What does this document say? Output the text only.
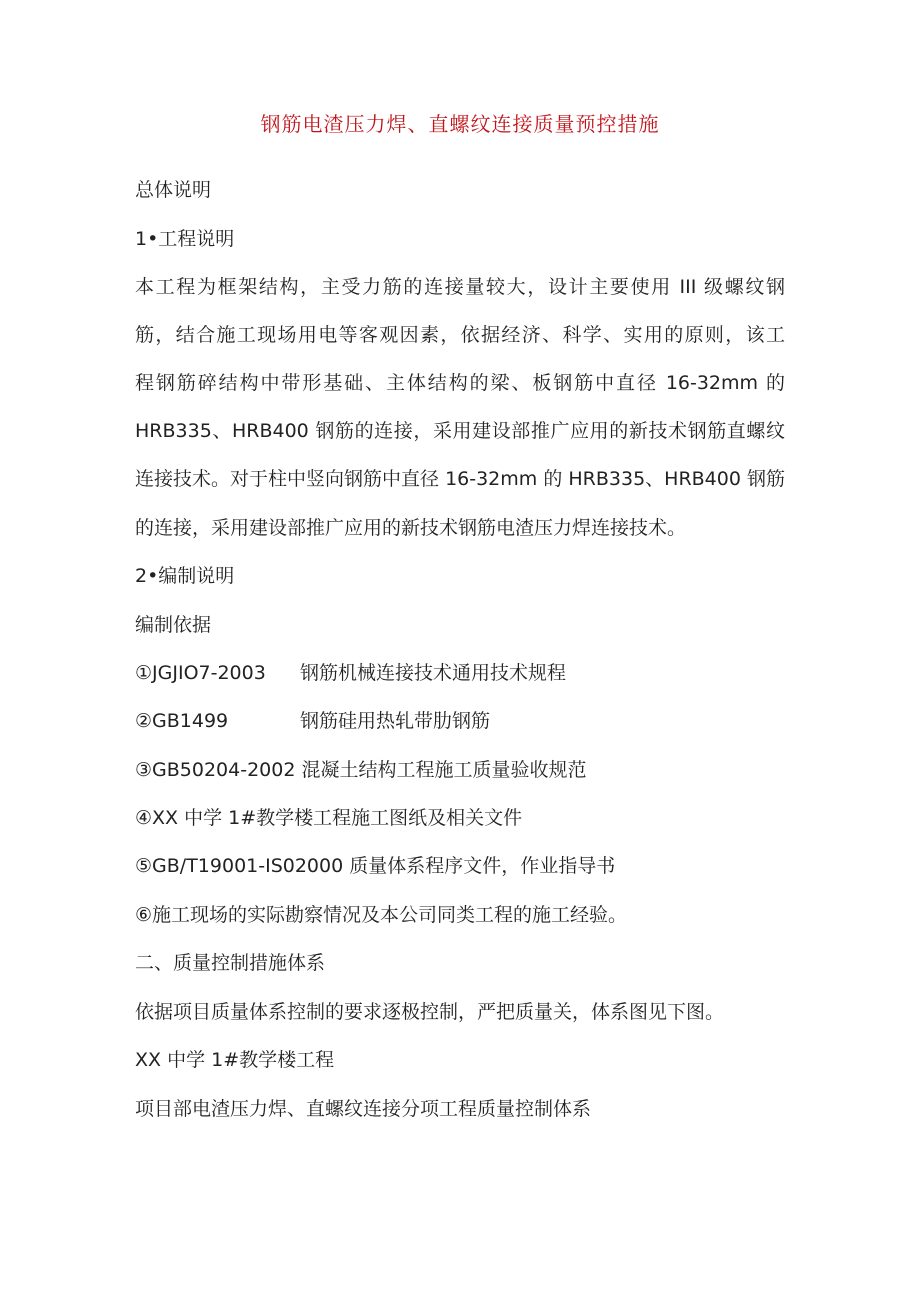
钢筋电渣压力焊、直螺纹连接质量预控措施
总体说明
1•工程说明
本工程为框架结构，主受力筋的连接量较大，设计主要使用 III 级螺纹钢
筋，结合施工现场用电等客观因素，依据经济、科学、实用的原则，该工
程钢筋碎结构中带形基础、主体结构的梁、板钢筋中直径 16-32mm 的
HRB335、HRB400 钢筋的连接，采用建设部推广应用的新技术钢筋直螺纹
连接技术。对于柱中竖向钢筋中直径 16-32mm 的 HRB335、HRB400 钢筋
的连接，采用建设部推广应用的新技术钢筋电渣压力焊连接技术。
2•编制说明
编制依据
①JGJIO7-2003 钢筋机械连接技术通用技术规程
②GB1499	钢筋硅用热轧带肋钢筋
③GB50204-2002 混凝土结构工程施工质量验收规范
④XX 中学 1#教学楼工程施工图纸及相关文件
⑤GB/T19001-IS02000 质量体系程序文件，作业指导书
⑥施工现场的实际勘察情况及本公司同类工程的施工经验。
二、质量控制措施体系
依据项目质量体系控制的要求逐极控制，严把质量关，体系图见下图。
XX 中学 1#教学楼工程
项目部电渣压力焊、直螺纹连接分项工程质量控制体系
